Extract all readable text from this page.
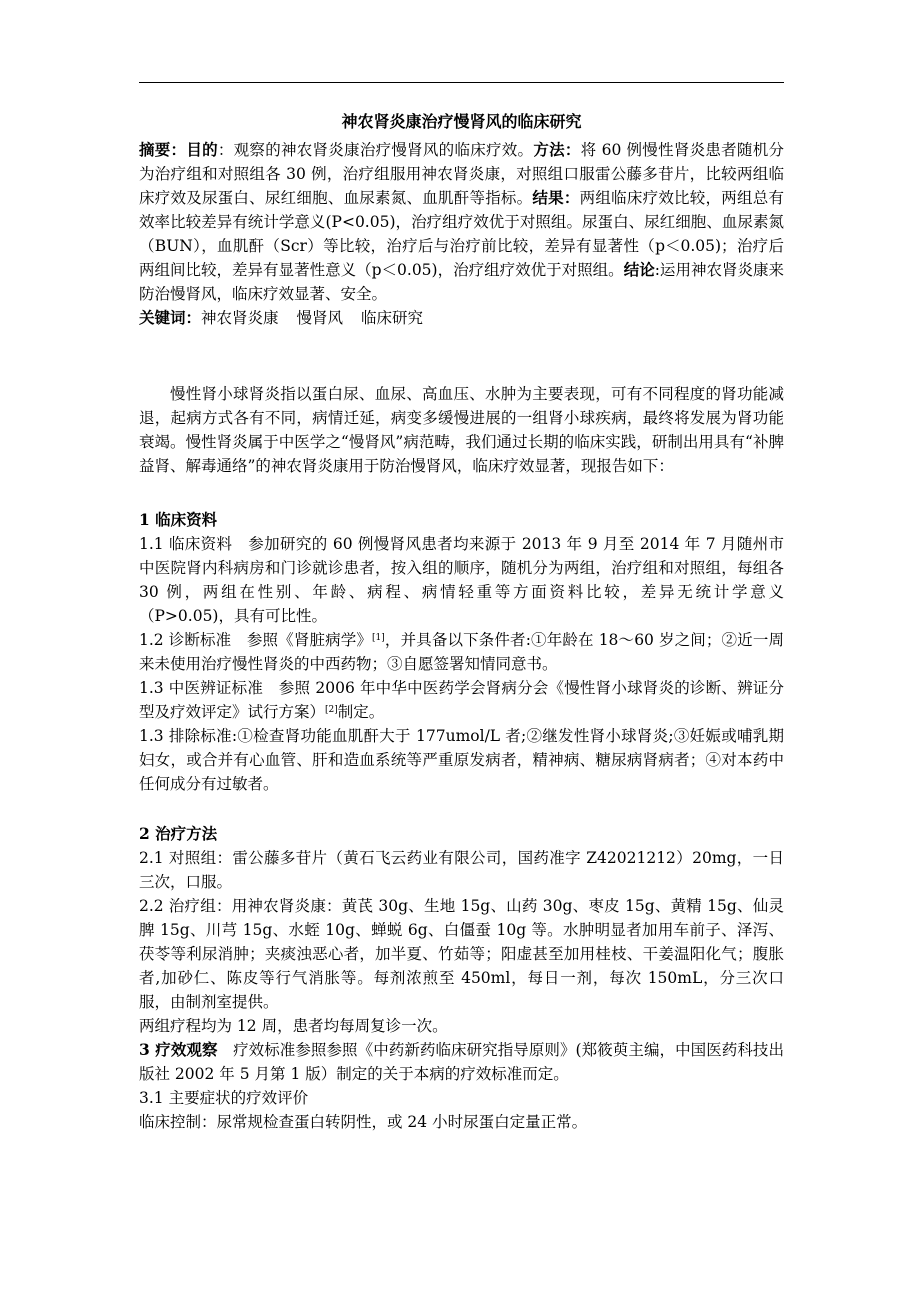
神农肾炎康治疗慢肾风的临床研究

摘要：目的：观察的神农肾炎康治疗慢肾风的临床疗效。方法：将 60 例慢性肾炎患者随机分为治疗组和对照组各 30 例，治疗组服用神农肾炎康，对照组口服雷公藤多苷片，比较两组临床疗效及尿蛋白、尿红细胞、血尿素氮、血肌酐等指标。结果：两组临床疗效比较，两组总有效率比较差异有统计学意义(P<0.05)，治疗组疗效优于对照组。尿蛋白、尿红细胞、血尿素氮（BUN），血肌酐（Scr）等比较，治疗后与治疗前比较，差异有显著性（p＜0.05)；治疗后两组间比较，差异有显著性意义（p＜0.05)，治疗组疗效优于对照组。结论:运用神农肾炎康来防治慢肾风，临床疗效显著、安全。

关键词：神农肾炎康 慢肾风 临床研究

慢性肾小球肾炎指以蛋白尿、血尿、高血压、水肿为主要表现，可有不同程度的肾功能减退，起病方式各有不同，病情迁延，病变多缓慢进展的一组肾小球疾病，最终将发展为肾功能衰竭。慢性肾炎属于中医学之“慢肾风”病范畴，我们通过长期的临床实践，研制出用具有“补脾益肾、解毒通络”的神农肾炎康用于防治慢肾风，临床疗效显著，现报告如下：

1 临床资料

1.1 临床资料　 参加研究的 60 例慢肾风患者均来源于 2013 年 9 月至 2014 年 7 月随州市中医院肾内科病房和门诊就诊患者，按入组的顺序，随机分为两组，治疗组和对照组，每组各 30 例，两组在性别、年龄、病程、病情轻重等方面资料比较，差异无统计学意义（P>0.05)，具有可比性。

1.2 诊断标准　 参照《肾脏病学》[1]，并具备以下条件者:①年龄在 18～60 岁之间；②近一周来未使用治疗慢性肾炎的中西药物；③自愿签署知情同意书。

1.3 中医辨证标准　 参照 2006 年中华中医药学会肾病分会《慢性肾小球肾炎的诊断、辨证分型及疗效评定》试行方案）[2]制定。

1.3 排除标准:①检查肾功能血肌酐大于 177umol/L 者;②继发性肾小球肾炎;③妊娠或哺乳期妇女，或合并有心血管、肝和造血系统等严重原发病者，精神病、糖尿病肾病者；④对本药中任何成分有过敏者。

2 治疗方法

2.1 对照组：雷公藤多苷片（黄石飞云药业有限公司，国药准字 Z42021212）20mg，一日三次，口服。

2.2 治疗组：用神农肾炎康：黄芪 30g、生地 15g、山药 30g、枣皮 15g、黄精 15g、仙灵脾 15g、川芎 15g、水蛭 10g、蝉蜕 6g、白僵蚕 10g 等。水肿明显者加用车前子、泽泻、茯苓等利尿消肿；夹痰浊恶心者，加半夏、竹茹等；阳虚甚至加用桂枝、干姜温阳化气；腹胀者,加砂仁、陈皮等行气消胀等。每剂浓煎至 450ml，每日一剂，每次 150mL，分三次口服，由制剂室提供。

两组疗程均为 12 周，患者均每周复诊一次。

3 疗效观察　 疗效标准参照参照《中药新药临床研究指导原则》(郑筱萸主编，中国医药科技出版社 2002 年 5 月第 1 版）制定的关于本病的疗效标准而定。

3.1 主要症状的疗效评价

临床控制：尿常规检查蛋白转阴性，或 24 小时尿蛋白定量正常。
